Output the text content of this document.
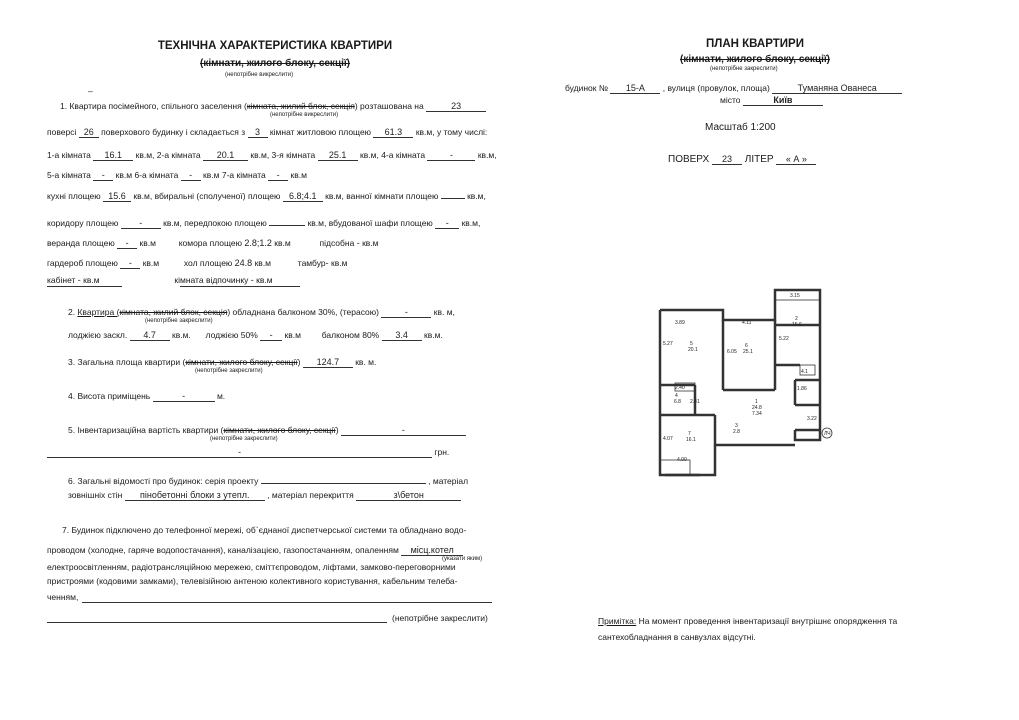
ТЕХНІЧНА ХАРАКТЕРИСТИКА КВАРТИРИ
(кімнати, жилого блоку, секції)
(непотрібне викреслити)
–
1. Квартира посімейного, спільного заселення (кімната, жилий блок, секція) розташована на	23
(непотрібне викреслити)
поверсі 26 поверхового будинку і складається з 3 кімнат житловою площею 61.3 кв.м, у тому числі:
1-а кімната 16.1 кв.м, 2-а кімната 20.1 кв.м, 3-я кімната 25.1 кв.м, 4-а кімната	-	кв.м,
5-а кімната - кв.м 6-а кімната - кв.м 7-а кімната - кв.м
кухні площею 15.6 кв.м, вбиральні (сполученої) площею 6.8;4.1 кв.м, ванної кімнати площею	кв.м,
коридору площею - кв.м, передпокою площею	кв.м, вбудованої шафи площею - кв.м,
веранда площею - кв.м	комора площею 2.8;1.2 кв.м	підсобна - кв.м
гардероб площею - кв.м	хол площею 24.8 кв.м	тамбур- кв.м
кабінет - кв.м	кімната відпочинку - кв.м
2. Квартира (кімната, жилий блок, секція) обладнана балконом 30%, (терасою)	-	кв. м,
(непотрібне закреслити)
лоджією заскл. 4.7 кв.м. лоджією 50% - кв.м балконом 80% 3.4 кв.м.
3. Загальна площа квартири (кімнати, жилого блоку, секції) 124.7 кв. м.
(непотрібне закреслити)
4. Висота приміщень	-	м.
5. Інвентаризаційна вартість квартири (кімнати, жилого блоку, секції)	-
(непотрібне закреслити)
-	грн.
6. Загальні відомості про будинок: серія проекту	, матеріал
зовнішніх стін пінобетонні блоки з утепл. , матеріал перекриття	з\бетон
7. Будинок підключено до телефонної мережі, об`єднаної диспетчерської системи та обладнано водо-
проводом (холодне, гаряче водопостачання), каналізацією, газопостачанням, опаленням місц.котел
(указати яким)
електроосвітленням, радіотрансляційною мережею, сміттєпроводом, ліфтами, замково-переговорними
пристроями (кодовими замками), телевізійною антеною колективного користування, кабельним телеба-
ченням,
(непотрібне закреслити)
ПЛАН КВАРТИРИ
(кімнати, жилого блоку, секції)
(непотрібне закреслити)
будинок № 15-А , вулиця (провулок, площа)	Туманяна Ованеса
місто	Київ
Масштаб 1:200
ПОВЕРХ 23 ЛІТЕР « А »
3.15
3.89	4.11
5.27	5
20.1
6
25.1
6.05
2
15.6
5.22
2.40
2.41
4
6.8	1
24.8
7.34
3
2.8
7
16.1
4.07
4.00
3.22
4.1
1.86
ЛЧ
Примітка: На момент проведення інвентаризації внутрішнє опорядження та
сантехобладнання в санвузлах відсутні.
